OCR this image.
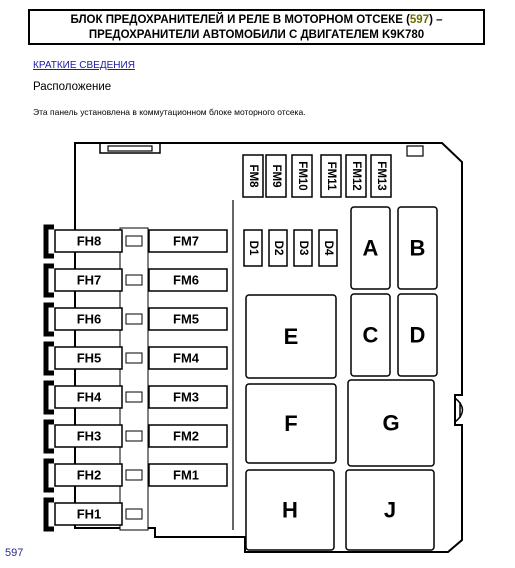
БЛОК ПРЕДОХРАНИТЕЛЕЙ И РЕЛЕ В МОТОРНОМ ОТСЕКЕ (597) –
ПРЕДОХРАНИТЕЛИ АВТОМОБИЛИ С ДВИГАТЕЛЕМ K9K780
КРАТКИЕ СВЕДЕНИЯ
Расположение
Эта панель установлена в коммутационном блоке моторного отсека.
FH8
FH7
FH6
FH5
FH4
FH3
FH2
FH1
FM7
FM6
FM5
FM4
FM3
FM2
FM1
FM8 FM9 FM10 FM11 FM12 FM13
D1 D2 D3 D4 A B
C D
E
F	G
H	J
597
